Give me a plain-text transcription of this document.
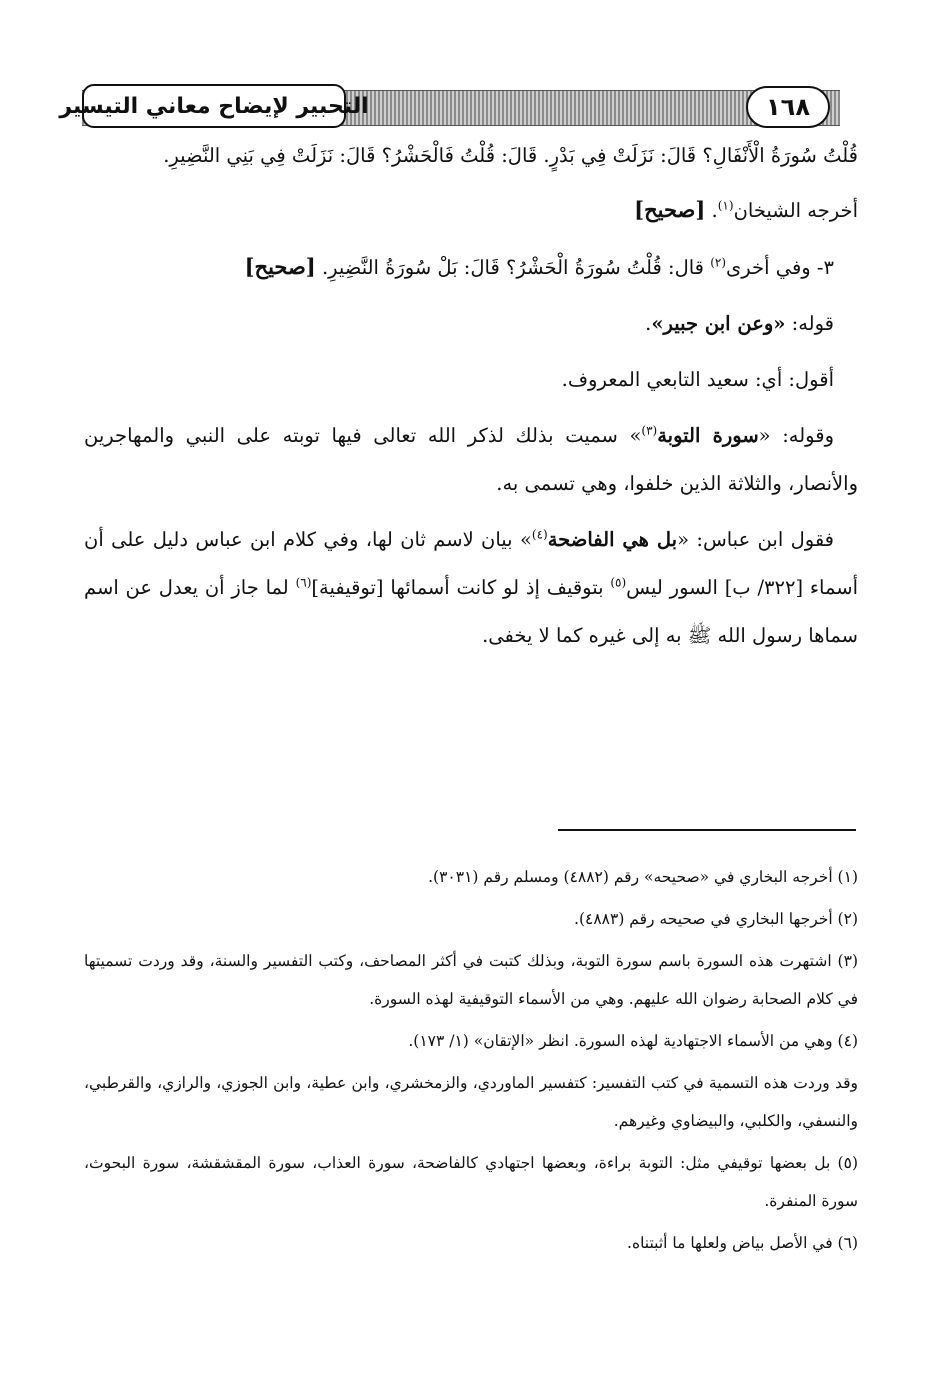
التحبير لإيضاح معاني التيسير	١٦٨

قُلْتُ سُورَةُ الْأَنْفَالِ؟ قَالَ: نَزَلَتْ فِي بَدْرٍ. قَالَ: قُلْتُ فَالْحَشْرُ؟ قَالَ: نَزَلَتْ فِي بَنِي النَّضِيرِ.

أخرجه الشيخان$^{(١)}$. [صحيح]

٣- وفي أخرى$^{(٢)}$ قال: قُلْتُ سُورَةُ الْحَشْرُ؟ قَالَ: بَلْ سُورَةُ النَّضِيرِ. [صحيح]

قوله: «وعن ابن جبير».

أقول: أي: سعيد التابعي المعروف.

وقوله: «سورة التوبة$^{(٣)}$» سميت بذلك لذكر الله تعالى فيها توبته على النبي والمهاجرين والأنصار، والثلاثة الذين خلفوا، وهي تسمى به.

فقول ابن عباس: «بل هي الفاضحة$^{(٤)}$» بيان لاسم ثان لها، وفي كلام ابن عباس دليل على أن أسماء [٣٢٢/ ب] السور ليس$^{(٥)}$ بتوقيف إذ لو كانت أسمائها [توقيفية]$^{(٦)}$ لما جاز أن يعدل عن اسم سماها رسول الله ﷺ به إلى غيره كما لا يخفى.

(١) أخرجه البخاري في «صحيحه» رقم (٤٨٨٢) ومسلم رقم (٣٠٣١).

(٢) أخرجها البخاري في صحيحه رقم (٤٨٨٣).

(٣) اشتهرت هذه السورة باسم سورة التوبة، وبذلك كتبت في أكثر المصاحف، وكتب التفسير والسنة، وقد وردت تسميتها في كلام الصحابة رضوان الله عليهم. وهي من الأسماء التوقيفية لهذه السورة.

(٤) وهي من الأسماء الاجتهادية لهذه السورة. انظر «الإتقان» (١/ ١٧٣).

وقد وردت هذه التسمية في كتب التفسير: كتفسير الماوردي، والزمخشري، وابن عطية، وابن الجوزي، والرازي، والقرطبي، والنسفي، والكلبي، والبيضاوي وغيرهم.

(٥) بل بعضها توقيفي مثل: التوبة براءة، وبعضها اجتهادي كالفاضحة، سورة العذاب، سورة المقشقشة، سورة البحوث، سورة المنفرة.

(٦) في الأصل بياض ولعلها ما أثبتناه.
